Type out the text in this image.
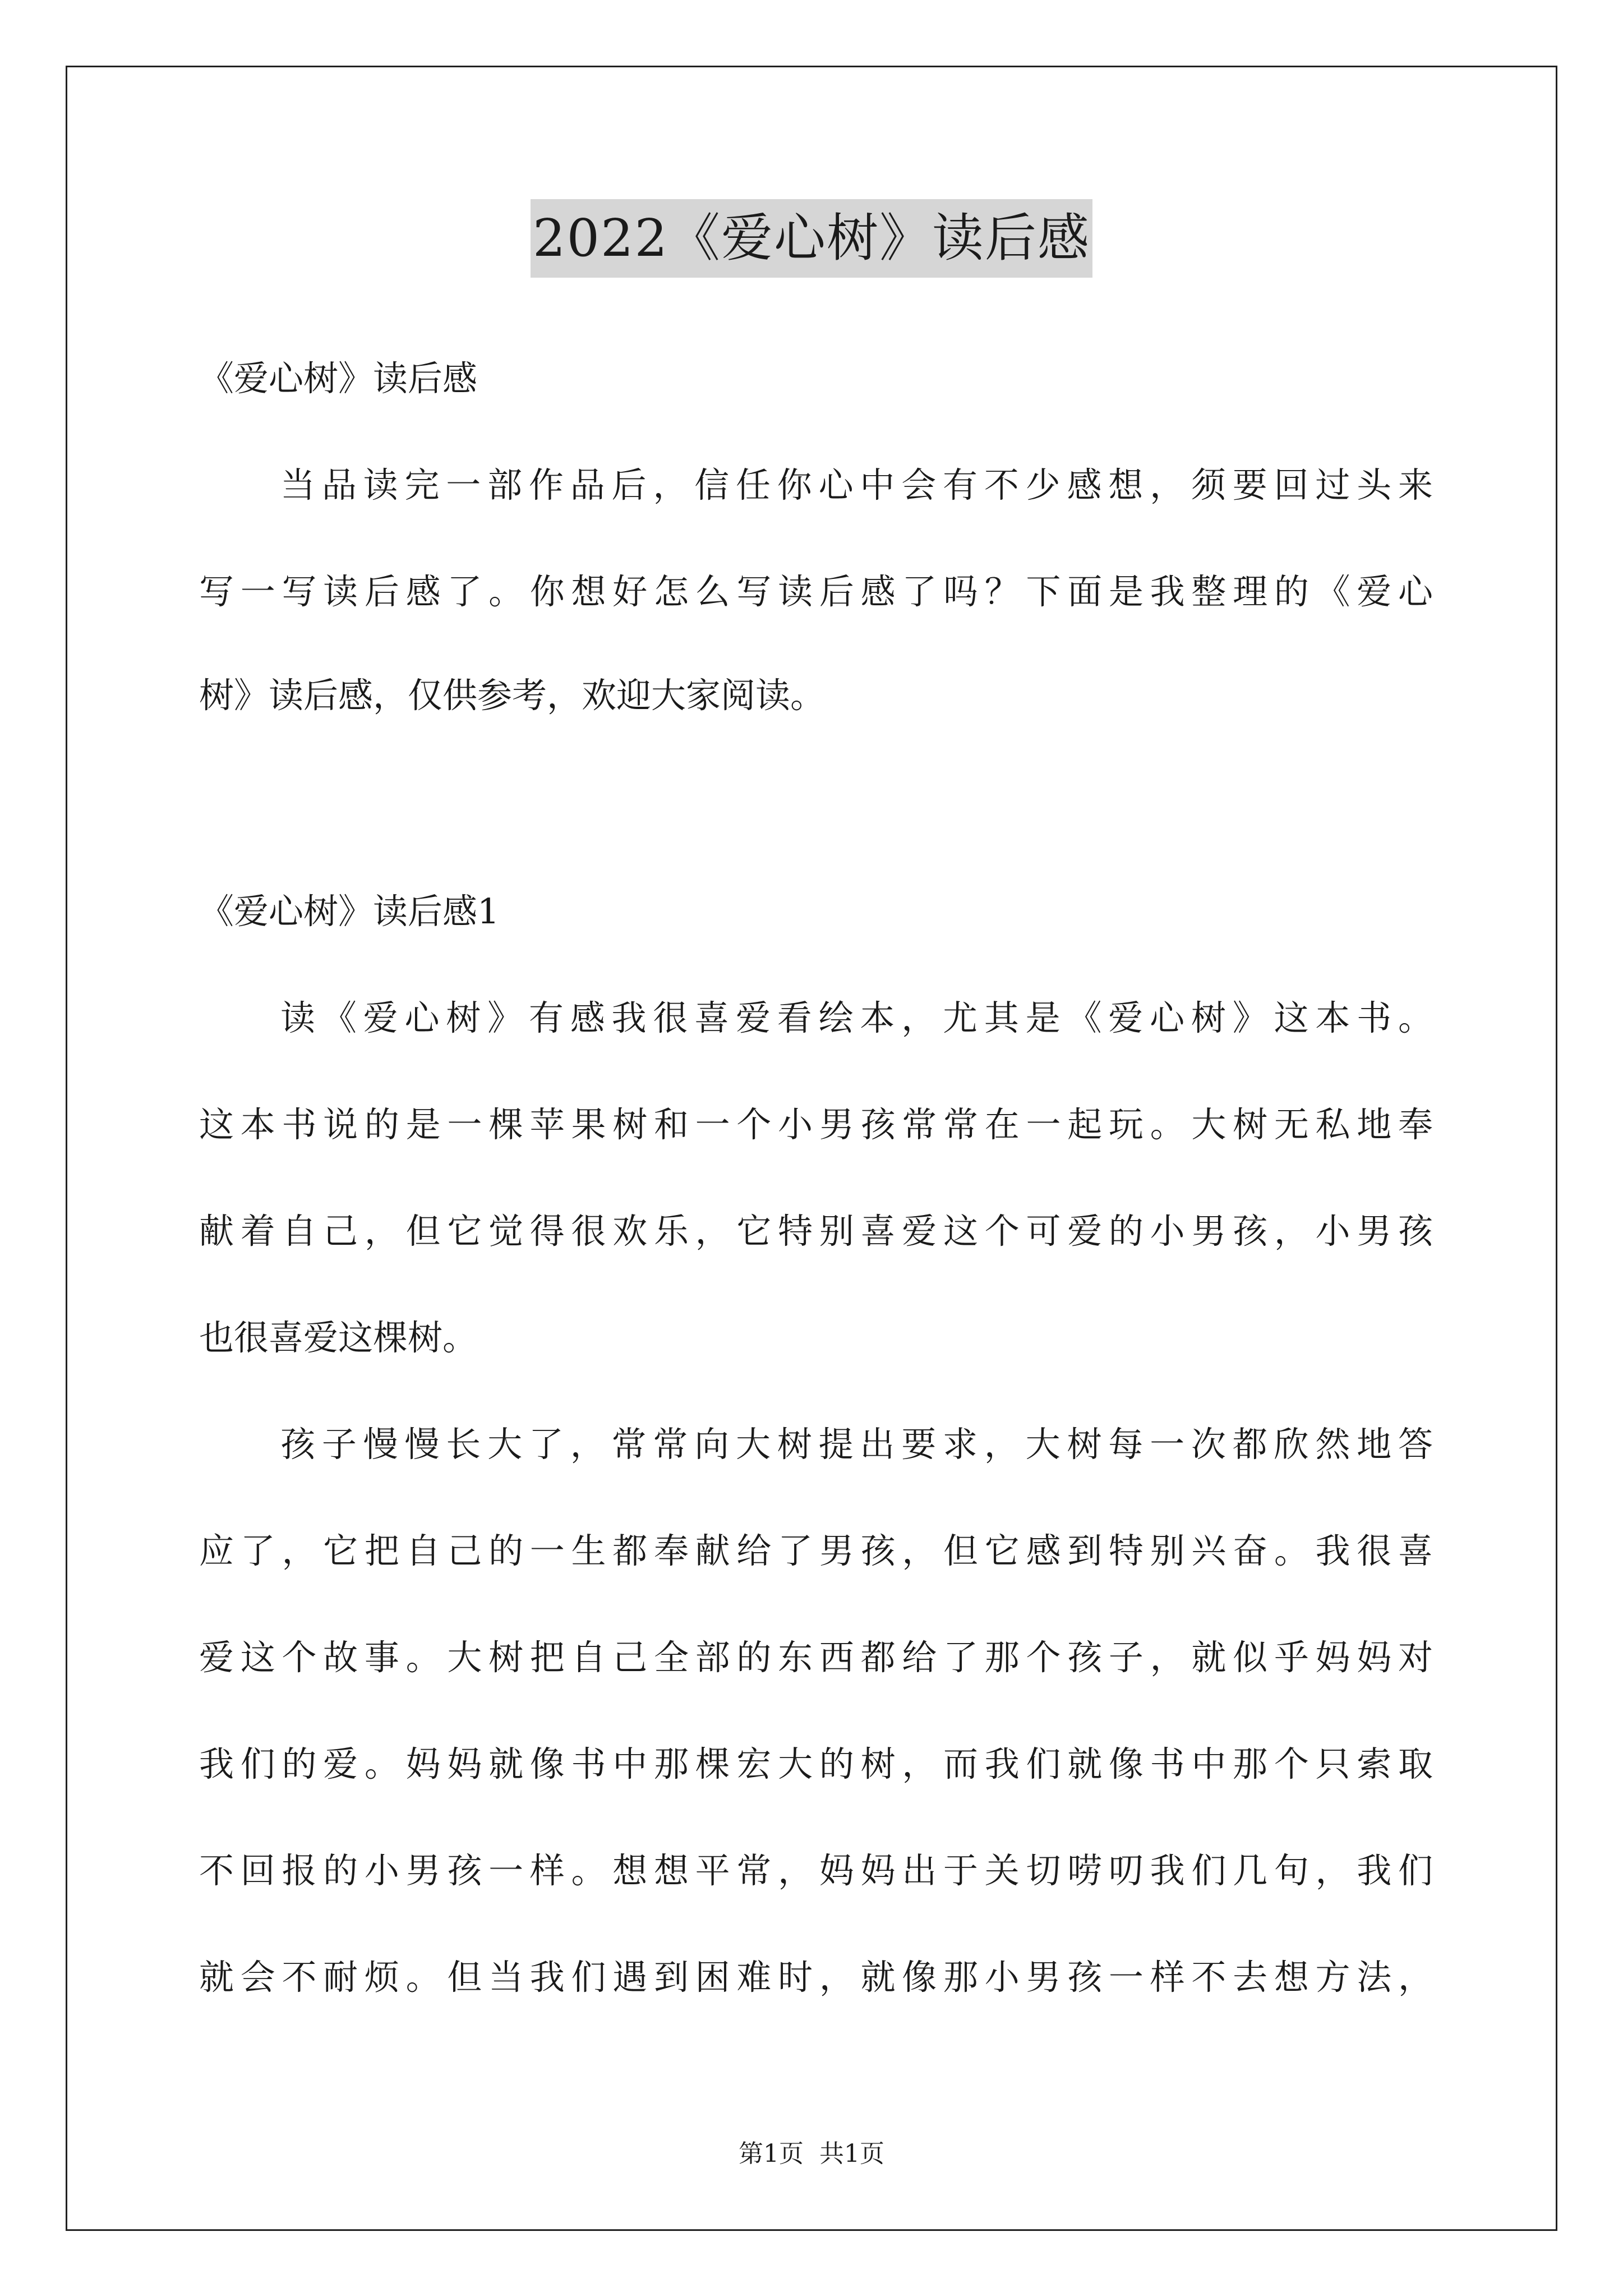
2022《爱心树》读后感
《爱心树》读后感
当品读完一部作品后，信任你心中会有不少感想，须要回过头来
写一写读后感了。你想好怎么写读后感了吗？下面是我整理的《爱心
树》读后感，仅供参考，欢迎大家阅读。
《爱心树》读后感1
读《爱心树》有感我很喜爱看绘本，尤其是《爱心树》这本书。
这本书说的是一棵苹果树和一个小男孩常常在一起玩。大树无私地奉
献着自己，但它觉得很欢乐，它特别喜爱这个可爱的小男孩，小男孩
也很喜爱这棵树。
孩子慢慢长大了，常常向大树提出要求，大树每一次都欣然地答
应了，它把自己的一生都奉献给了男孩，但它感到特别兴奋。我很喜
爱这个故事。大树把自己全部的东西都给了那个孩子，就似乎妈妈对
我们的爱。妈妈就像书中那棵宏大的树，而我们就像书中那个只索取
不回报的小男孩一样。想想平常，妈妈出于关切唠叨我们几句，我们
就会不耐烦。但当我们遇到困难时，就像那小男孩一样不去想方法，
第1页 共1页
